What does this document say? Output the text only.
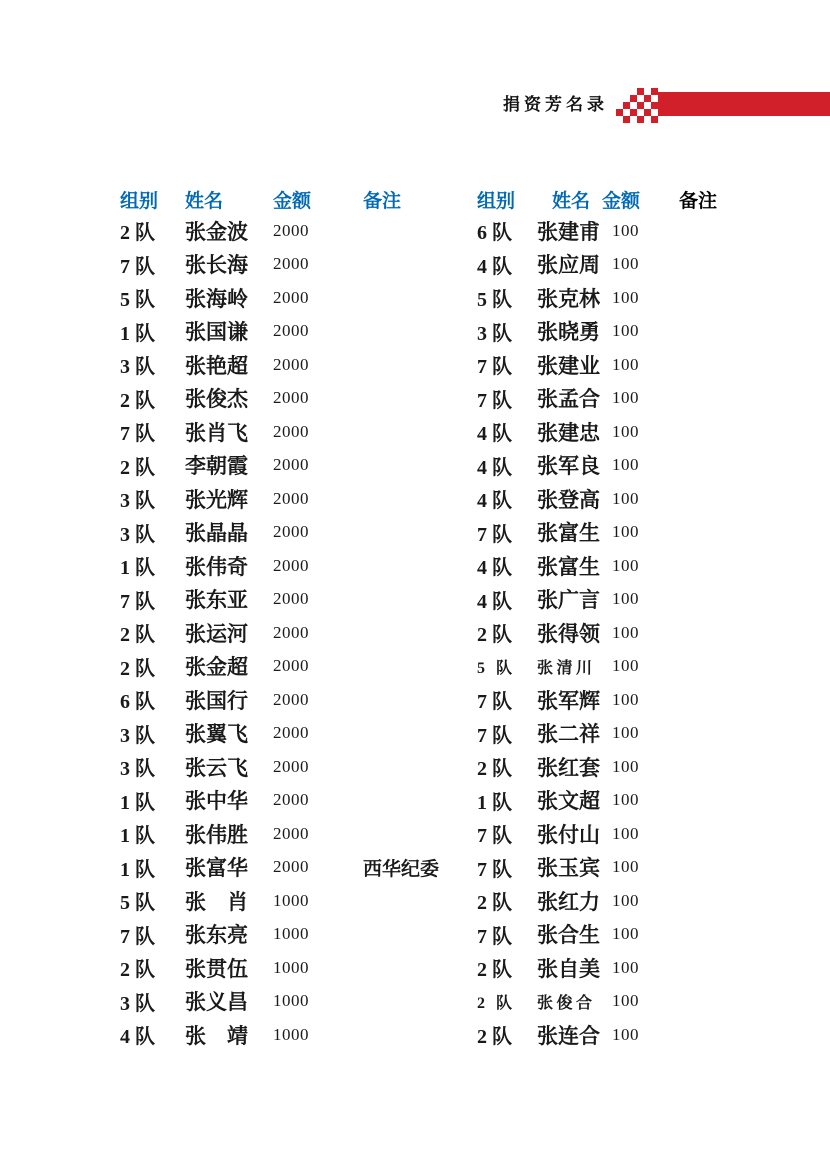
捐资芳名录
组别	姓名	金额	备注
2 队	张金波	2000
7 队	张长海	2000
5 队	张海岭	2000
1 队	张国谦	2000
3 队	张艳超	2000
2 队	张俊杰	2000
7 队	张肖飞	2000
2 队	李朝霞	2000
3 队	张光辉	2000
3 队	张晶晶	2000
1 队	张伟奇	2000
7 队	张东亚	2000
2 队	张运河	2000
2 队	张金超	2000
6 队	张国行	2000
3 队	张翼飞	2000
3 队	张云飞	2000
1 队	张中华	2000
1 队	张伟胜	2000
1 队	张富华	2000	西华纪委
5 队	张　肖	1000
7 队	张东亮	1000
2 队	张贯伍	1000
3 队	张义昌	1000
4 队	张　靖	1000
组别	姓名 金额	备注
6 队	张建甫 100
4 队	张应周 100
5 队	张克林 100
3 队	张晓勇 100
7 队	张建业 100
7 队	张孟合 100
4 队	张建忠 100
4 队	张军良 100
4 队	张登高 100
7 队	张富生 100
4 队	张富生 100
4 队	张广言 100
2 队	张得领 100
5 队	张清川 100
7 队	张军辉 100
7 队	张二祥 100
2 队	张红套 100
1 队	张文超 100
7 队	张付山 100
7 队	张玉宾 100
2 队	张红力 100
7 队	张合生 100
2 队	张自美 100
2 队	张俊合 100
2 队	张连合 100
